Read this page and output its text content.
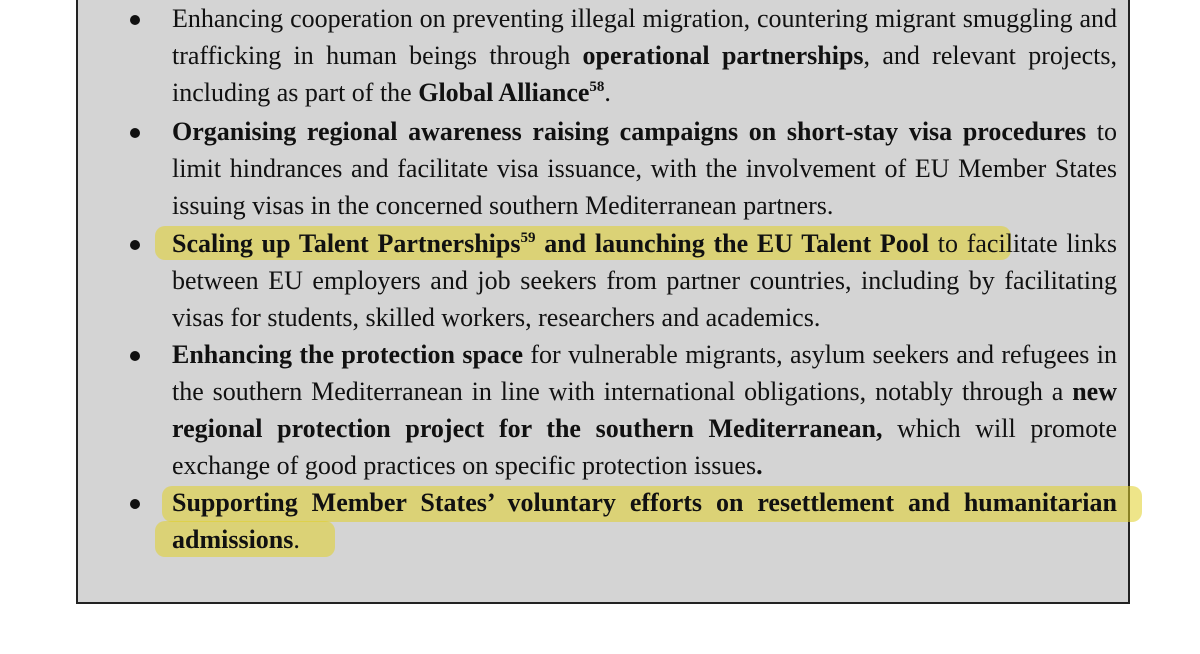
Enhancing cooperation on preventing illegal migration, countering migrant smuggling and trafficking in human beings through operational partnerships, and relevant projects, including as part of the Global Alliance$^{58}$.
Organising regional awareness raising campaigns on short-stay visa procedures to limit hindrances and facilitate visa issuance, with the involvement of EU Member States issuing visas in the concerned southern Mediterranean partners.
Scaling up Talent Partnerships$^{59}$ and launching the EU Talent Pool to facilitate links between EU employers and job seekers from partner countries, including by facilitating visas for students, skilled workers, researchers and academics.
Enhancing the protection space for vulnerable migrants, asylum seekers and refugees in the southern Mediterranean in line with international obligations, notably through a new regional protection project for the southern Mediterranean, which will promote exchange of good practices on specific protection issues.
Supporting Member States’ voluntary efforts on resettlement and humanitarian admissions.
